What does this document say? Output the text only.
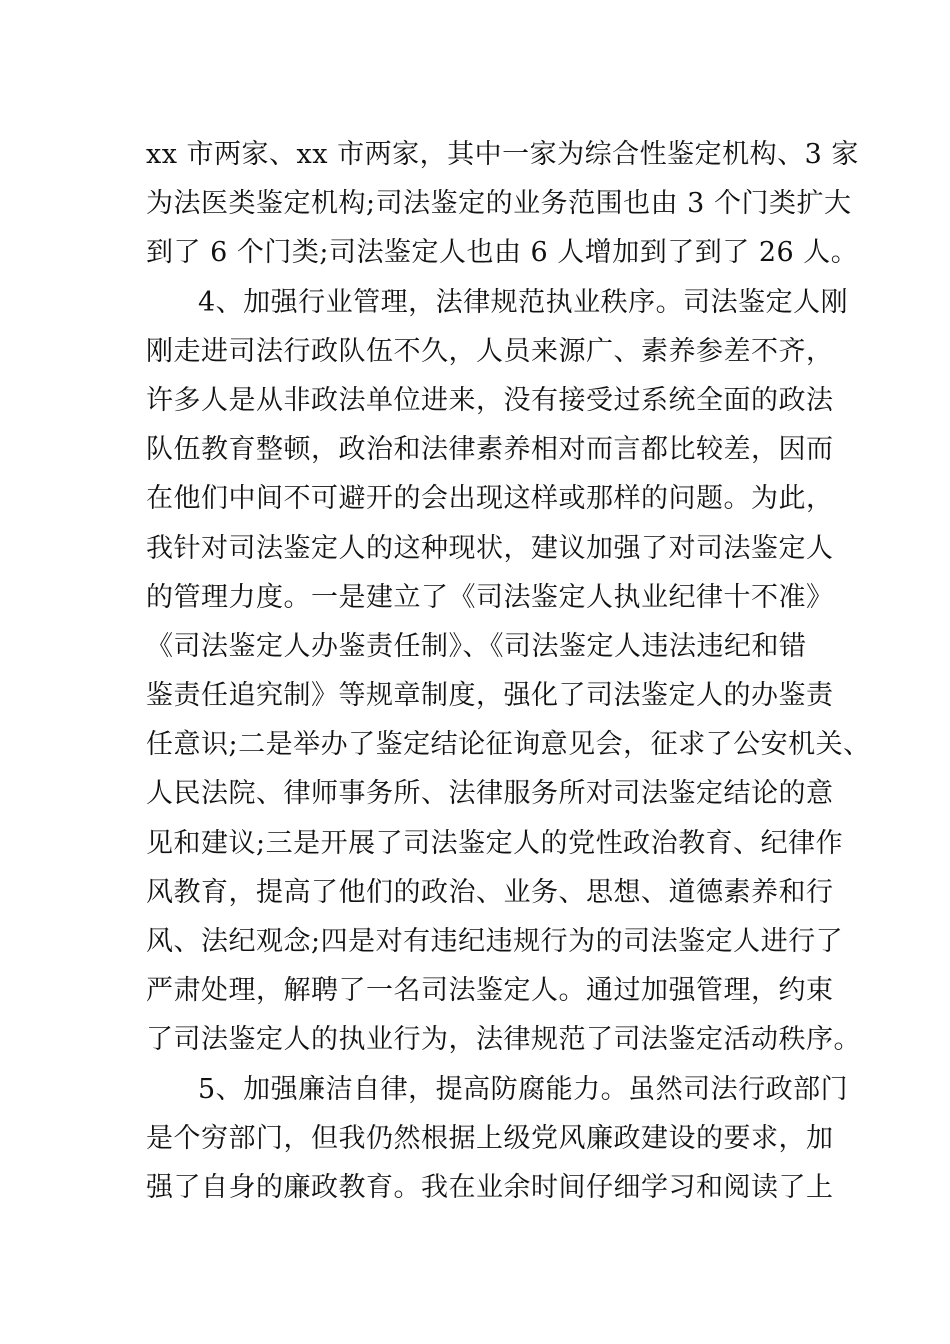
xx 市两家、xx 市两家，其中一家为综合性鉴定机构、3 家
为法医类鉴定机构;司法鉴定的业务范围也由 3 个门类扩大
到了 6 个门类;司法鉴定人也由 6 人增加到了到了 26 人。
4、加强行业管理，法律规范执业秩序。司法鉴定人刚
刚走进司法行政队伍不久，人员来源广、素养参差不齐，
许多人是从非政法单位进来，没有接受过系统全面的政法
队伍教育整顿，政治和法律素养相对而言都比较差，因而
在他们中间不可避开的会出现这样或那样的问题。为此，
我针对司法鉴定人的这种现状，建议加强了对司法鉴定人
的管理力度。一是建立了《司法鉴定人执业纪律十不准》
《司法鉴定人办鉴责任制》、《司法鉴定人违法违纪和错
鉴责任追究制》等规章制度，强化了司法鉴定人的办鉴责
任意识;二是举办了鉴定结论征询意见会，征求了公安机关、
人民法院、律师事务所、法律服务所对司法鉴定结论的意
见和建议;三是开展了司法鉴定人的党性政治教育、纪律作
风教育，提高了他们的政治、业务、思想、道德素养和行
风、法纪观念;四是对有违纪违规行为的司法鉴定人进行了
严肃处理，解聘了一名司法鉴定人。通过加强管理，约束
了司法鉴定人的执业行为，法律规范了司法鉴定活动秩序。
5、加强廉洁自律，提高防腐能力。虽然司法行政部门
是个穷部门，但我仍然根据上级党风廉政建设的要求，加
强了自身的廉政教育。我在业余时间仔细学习和阅读了上
